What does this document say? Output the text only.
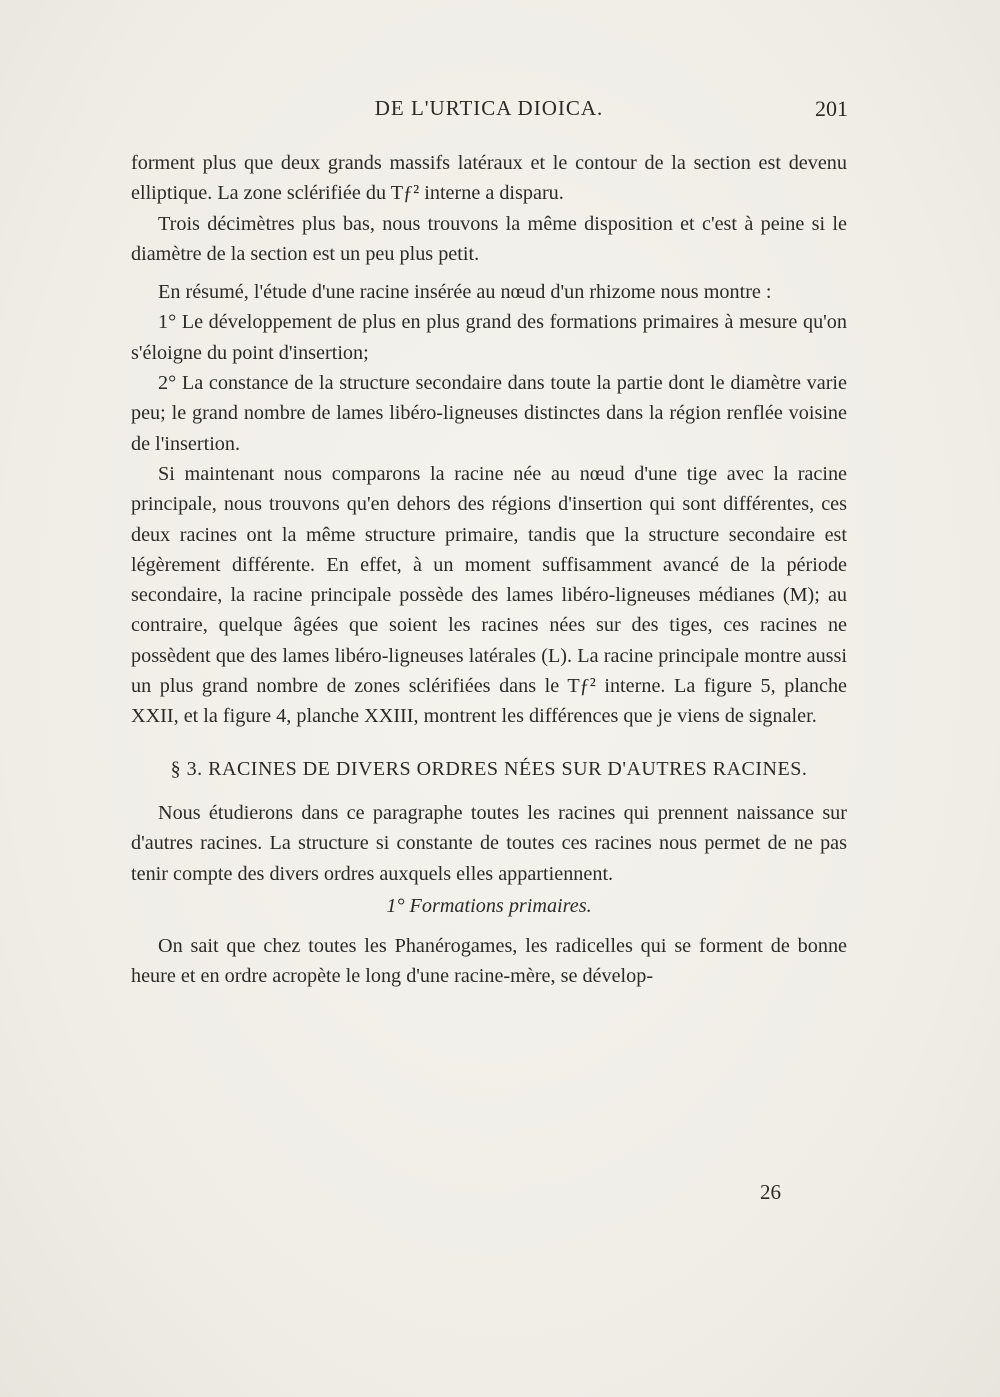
DE L'URTICA DIOICA.	201

forment plus que deux grands massifs latéraux et le contour de la section est devenu elliptique. La zone sclérifiée du Tƒ² interne a disparu.

Trois décimètres plus bas, nous trouvons la même disposition et c'est à peine si le diamètre de la section est un peu plus petit.

En résumé, l'étude d'une racine insérée au nœud d'un rhizome nous montre :

1° Le développement de plus en plus grand des formations primaires à mesure qu'on s'éloigne du point d'insertion;

2° La constance de la structure secondaire dans toute la partie dont le diamètre varie peu; le grand nombre de lames libéro-ligneuses distinctes dans la région renflée voisine de l'insertion.

Si maintenant nous comparons la racine née au nœud d'une tige avec la racine principale, nous trouvons qu'en dehors des régions d'insertion qui sont différentes, ces deux racines ont la même structure primaire, tandis que la structure secondaire est légèrement différente. En effet, à un moment suffisamment avancé de la période secondaire, la racine principale possède des lames libéro-ligneuses médianes (M); au contraire, quelque âgées que soient les racines nées sur des tiges, ces racines ne possèdent que des lames libéro-ligneuses latérales (L). La racine principale montre aussi un plus grand nombre de zones sclérifiées dans le Tƒ² interne. La figure 5, planche XXII, et la figure 4, planche XXIII, montrent les différences que je viens de signaler.

§ 3. RACINES DE DIVERS ORDRES NÉES SUR D'AUTRES RACINES.

Nous étudierons dans ce paragraphe toutes les racines qui prennent naissance sur d'autres racines. La structure si constante de toutes ces racines nous permet de ne pas tenir compte des divers ordres auxquels elles appartiennent.

1° Formations primaires.

On sait que chez toutes les Phanérogames, les radicelles qui se forment de bonne heure et en ordre acropète le long d'une racine-mère, se dévelop-

26
